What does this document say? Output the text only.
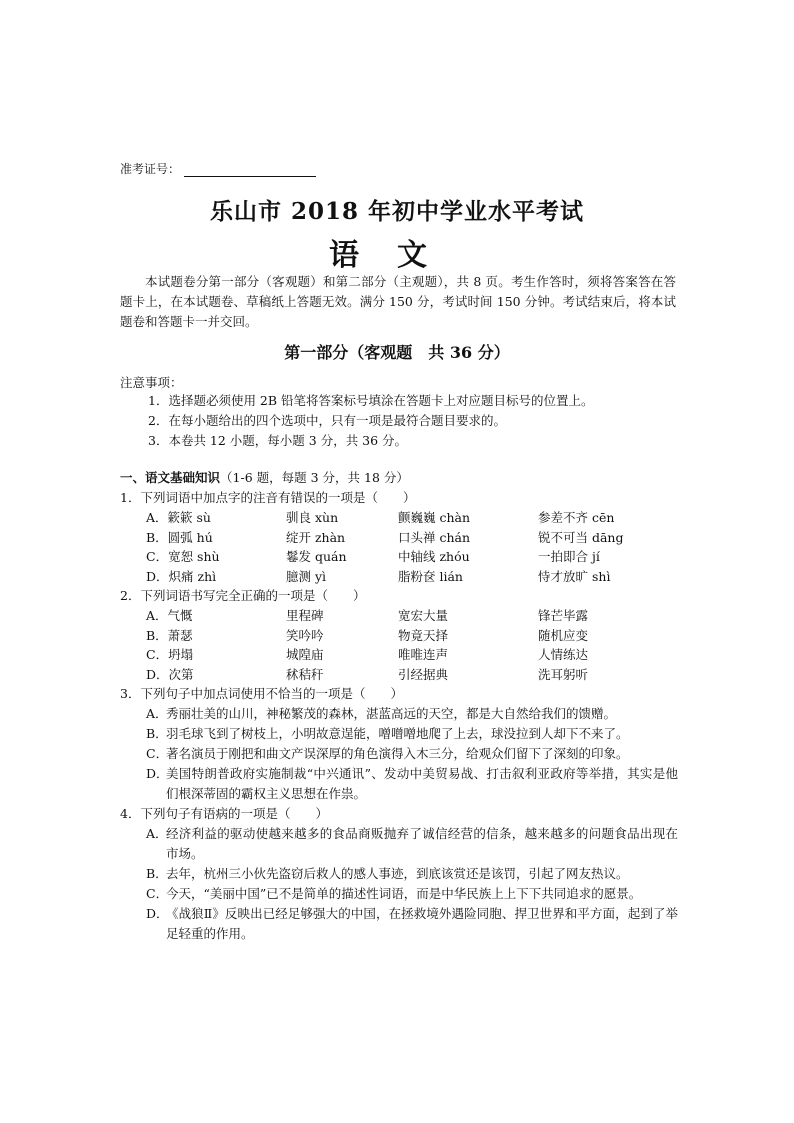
准考证号：
乐山市 2018 年初中学业水平考试
语文
本试题卷分第一部分（客观题）和第二部分（主观题），共 8 页。考生作答时，须将答案答在答题卡上，在本试题卷、草稿纸上答题无效。满分 150 分，考试时间 150 分钟。考试结束后，将本试题卷和答题卡一并交回。
第一部分（客观题　共 36 分）
注意事项：
1．选择题必须使用 2B 铅笔将答案标号填涂在答题卡上对应题目标号的位置上。
2．在每小题给出的四个选项中，只有一项是最符合题目要求的。
3．本卷共 12 小题，每小题 3 分，共 36 分。
一、语文基础知识（1-6 题，每题 3 分，共 18 分）
1．下列词语中加点字的注音有错误的一项是（　　）
A．簌簌 sù	驯良 xùn	颤巍巍 chàn	参差不齐 cēn
B．圆弧 hú	绽开 zhàn	口头禅 chán	锐不可当 dāng
C．宽恕 shù	鬈发 quán	中轴线 zhóu	一拍即合 jí
D．炽痛 zhì	臆测 yì	脂粉奁 lián	恃才放旷 shì
2．下列词语书写完全正确的一项是（　　）
A．气慨	里程碑	宽宏大量	锋芒毕露
B．萧瑟	笑吟吟	物竟天择	随机应变
C．坍塌	城隍庙	唯唯连声	人情练达
D．次第	秫秸秆	引经据典	洗耳躬听
3．下列句子中加点词使用不恰当的一项是（　　）
A．
秀丽壮美的山川，神秘繁茂的森林，湛蓝高远的天空，都是大自然给我们的馈赠。
B．
羽毛球飞到了树枝上，小明故意逞能，噌噌噌地爬了上去，球没拉到人却下不来了。
C．
著名演员于刚把和曲文产误深厚的角色演得入木三分，给观众们留下了深刻的印象。
D．
美国特朗普政府实施制裁“中兴通讯”、发动中美贸易战、打击叙利亚政府等举措，其实是他们根深蒂固的霸权主义思想在作祟。
4．下列句子有语病的一项是（　　）
A．
经济利益的驱动使越来越多的食品商贩抛弃了诚信经营的信条，越来越多的问题食品出现在市场。
B．
去年，杭州三小伙先盗窃后救人的感人事迹，到底该赏还是该罚，引起了网友热议。
C．
今天，“美丽中国”已不是简单的描述性词语，而是中华民族上上下下共同追求的愿景。
D．
《战狼Ⅱ》反映出已经足够强大的中国，在拯救境外遇险同胞、捍卫世界和平方面，起到了举足轻重的作用。
